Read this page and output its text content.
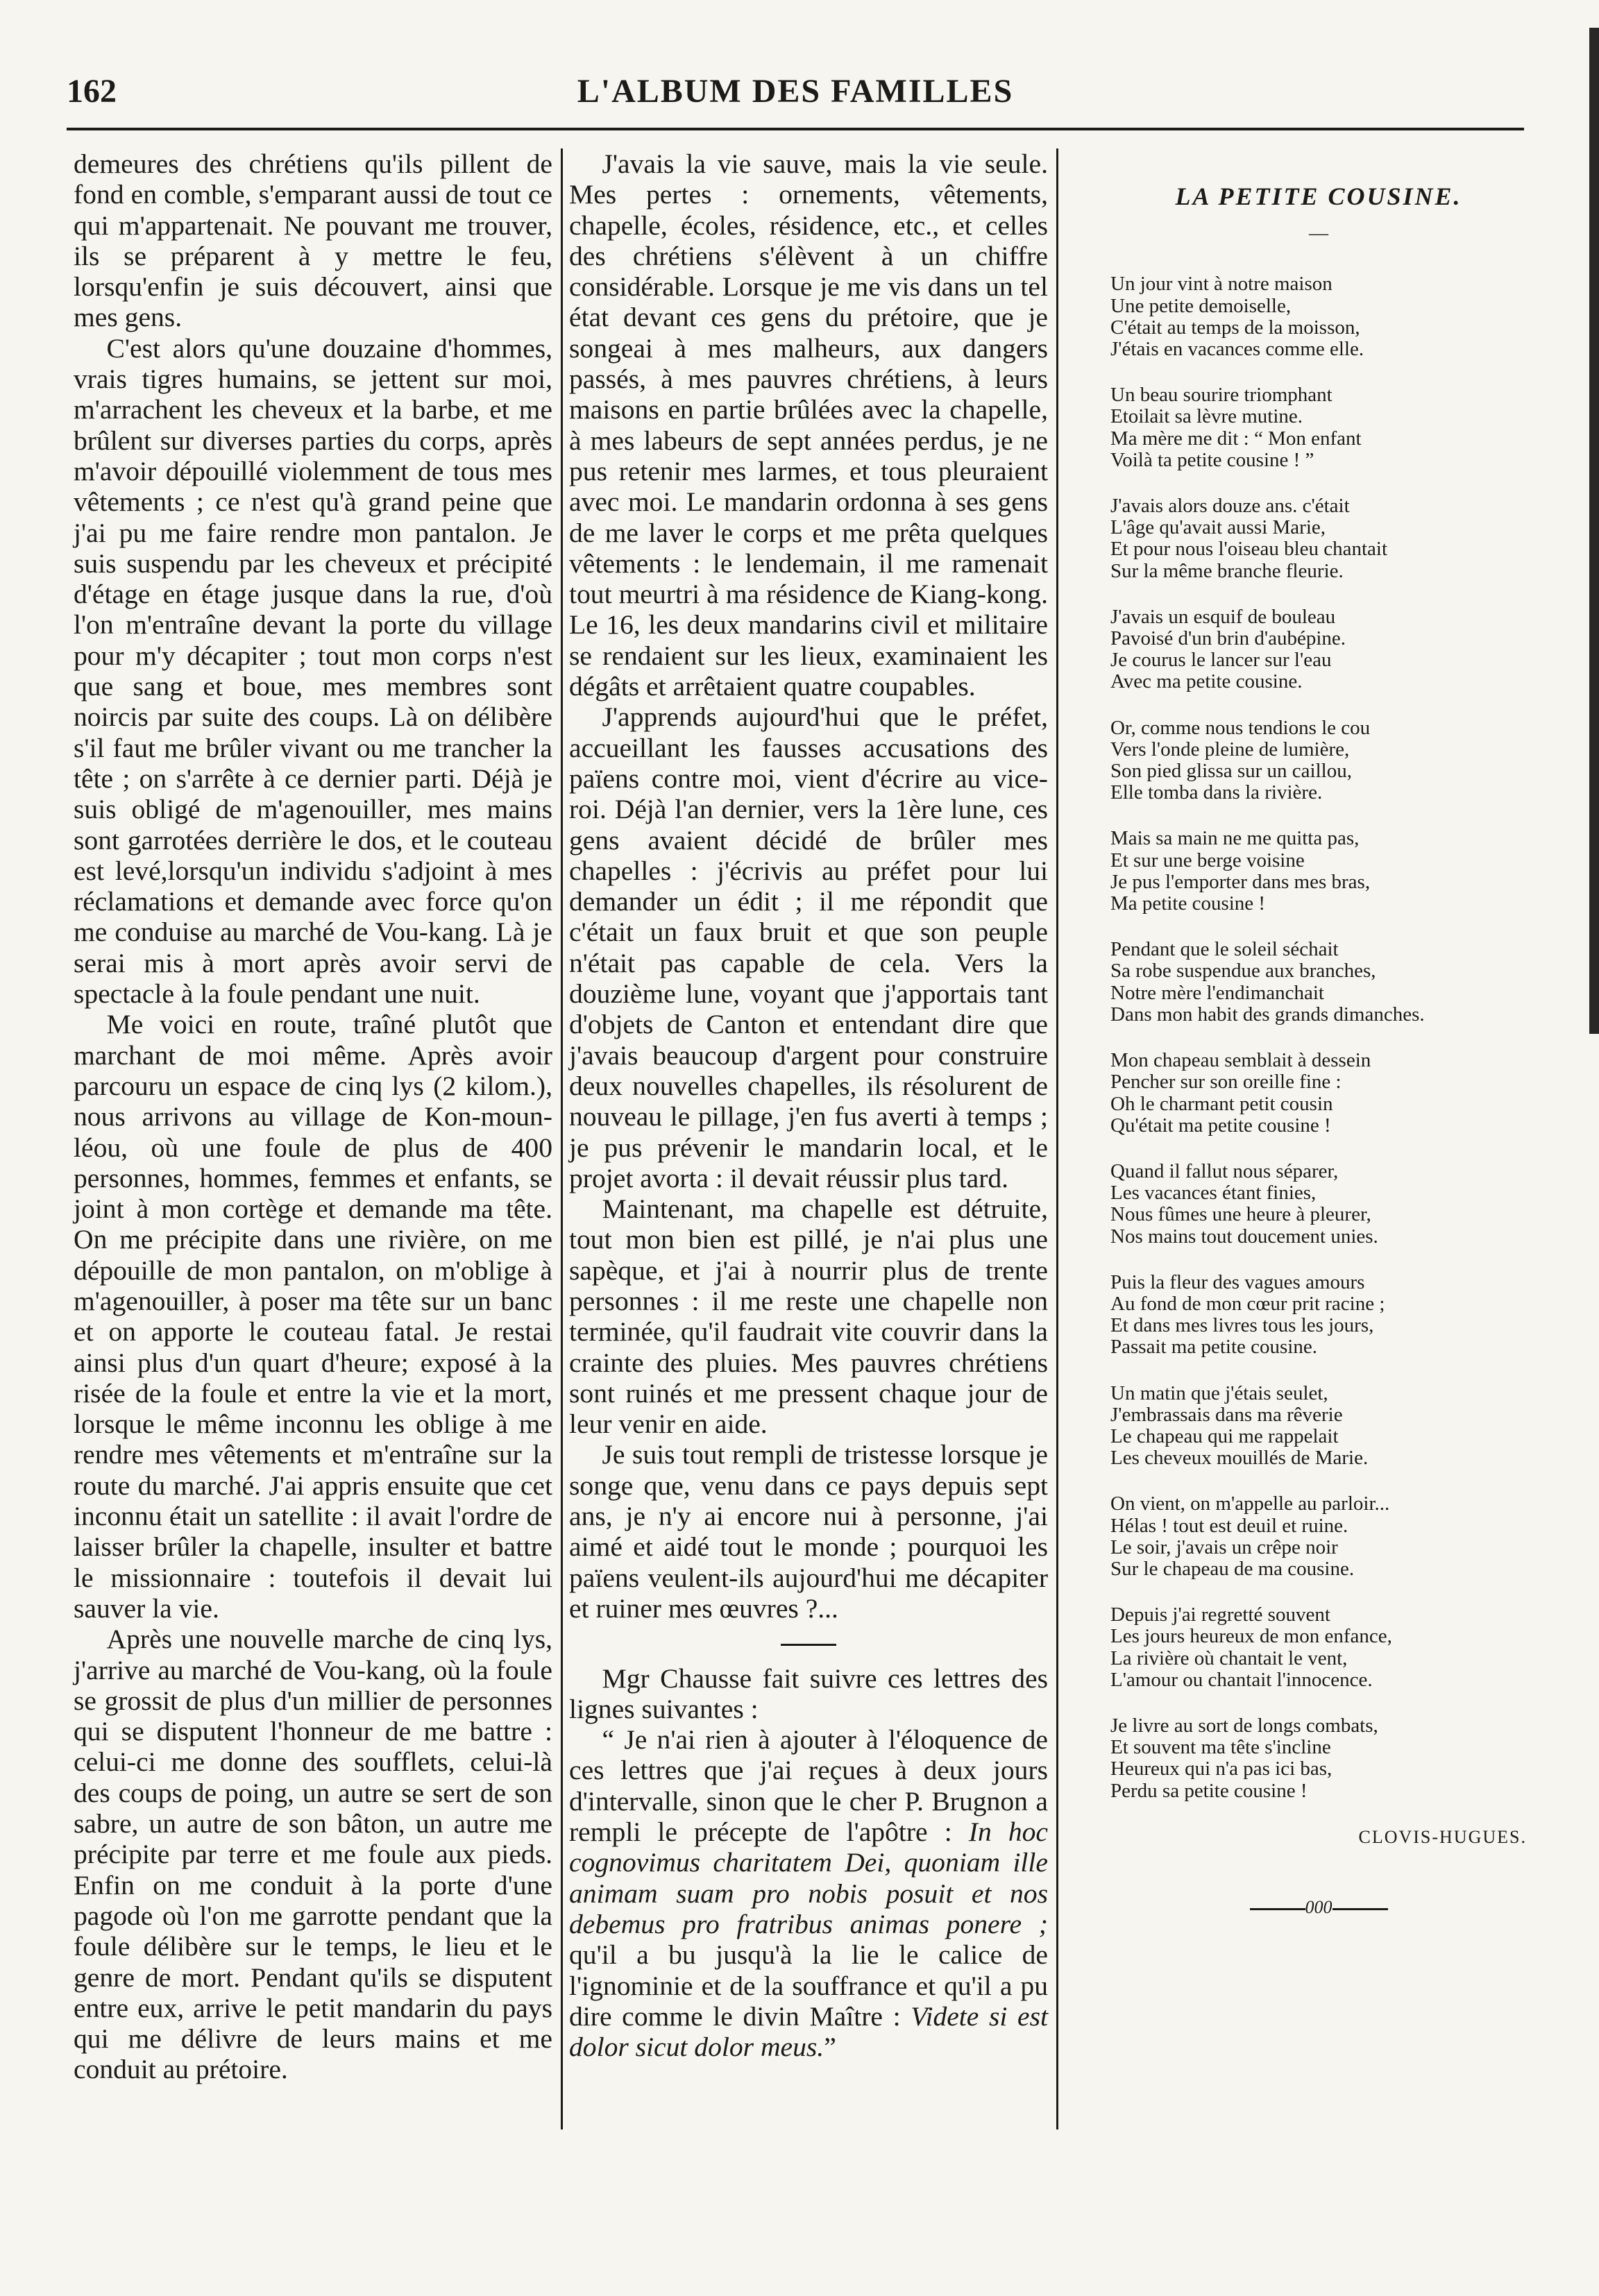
L'ALBUM DES FAMILLES
162

demeures des chrétiens qu'ils pillent de fond en comble, s'emparant aussi de tout ce qui m'appartenait. Ne pouvant me trouver, ils se préparent à y mettre le feu, lorsqu'enfin je suis découvert, ainsi que mes gens.

C'est alors qu'une douzaine d'hommes, vrais tigres humains, se jettent sur moi, m'arrachent les cheveux et la barbe, et me brûlent sur diverses parties du corps, après m'avoir dépouillé violemment de tous mes vêtements ; ce n'est qu'à grand peine que j'ai pu me faire rendre mon pantalon. Je suis suspendu par les cheveux et précipité d'étage en étage jusque dans la rue, d'où l'on m'entraîne devant la porte du village pour m'y décapiter ; tout mon corps n'est que sang et boue, mes membres sont noircis par suite des coups. Là on délibère s'il faut me brûler vivant ou me trancher la tête ; on s'arrête à ce dernier parti. Déjà je suis obligé de m'agenouiller, mes mains sont garrotées derrière le dos, et le couteau est levé,lorsqu'un individu s'adjoint à mes réclamations et demande avec force qu'on me conduise au marché de Vou-kang. Là je serai mis à mort après avoir servi de spectacle à la foule pendant une nuit.

Me voici en route, traîné plutôt que marchant de moi même. Après avoir parcouru un espace de cinq lys (2 kilom.), nous arrivons au village de Kon-moun-léou, où une foule de plus de 400 personnes, hommes, femmes et enfants, se joint à mon cortège et demande ma tête. On me précipite dans une rivière, on me dépouille de mon pantalon, on m'oblige à m'agenouiller, à poser ma tête sur un banc et on apporte le couteau fatal. Je restai ainsi plus d'un quart d'heure; exposé à la risée de la foule et entre la vie et la mort, lorsque le même inconnu les oblige à me rendre mes vêtements et m'entraîne sur la route du marché. J'ai appris ensuite que cet inconnu était un satellite : il avait l'ordre de laisser brûler la chapelle, insulter et battre le missionnaire : toutefois il devait lui sauver la vie.

Après une nouvelle marche de cinq lys, j'arrive au marché de Vou-kang, où la foule se grossit de plus d'un millier de personnes qui se disputent l'honneur de me battre : celui-ci me donne des soufflets, celui-là des coups de poing, un autre se sert de son sabre, un autre de son bâton, un autre me précipite par terre et me foule aux pieds. Enfin on me conduit à la porte d'une pagode où l'on me garrotte pendant que la foule délibère sur le temps, le lieu et le genre de mort. Pendant qu'ils se disputent entre eux, arrive le petit mandarin du pays qui me délivre de leurs mains et me conduit au prétoire.

J'avais la vie sauve, mais la vie seule. Mes pertes : ornements, vêtements, chapelle, écoles, résidence, etc., et celles des chrétiens s'élèvent à un chiffre considérable. Lorsque je me vis dans un tel état devant ces gens du prétoire, que je songeai à mes malheurs, aux dangers passés, à mes pauvres chrétiens, à leurs maisons en partie brûlées avec la chapelle, à mes labeurs de sept années perdus, je ne pus retenir mes larmes, et tous pleuraient avec moi. Le mandarin ordonna à ses gens de me laver le corps et me prêta quelques vêtements : le lendemain, il me ramenait tout meurtri à ma résidence de Kiang-kong. Le 16, les deux mandarins civil et militaire se rendaient sur les lieux, examinaient les dégâts et arrêtaient quatre coupables.

J'apprends aujourd'hui que le préfet, accueillant les fausses accusations des païens contre moi, vient d'écrire au vice-roi. Déjà l'an dernier, vers la 1ère lune, ces gens avaient décidé de brûler mes chapelles : j'écrivis au préfet pour lui demander un édit ; il me répondit que c'était un faux bruit et que son peuple n'était pas capable de cela. Vers la douzième lune, voyant que j'apportais tant d'objets de Canton et entendant dire que j'avais beaucoup d'argent pour construire deux nouvelles chapelles, ils résolurent de nouveau le pillage, j'en fus averti à temps ; je pus prévenir le mandarin local, et le projet avorta : il devait réussir plus tard.

Maintenant, ma chapelle est détruite, tout mon bien est pillé, je n'ai plus une sapèque, et j'ai à nourrir plus de trente personnes : il me reste une chapelle non terminée, qu'il faudrait vite couvrir dans la crainte des pluies. Mes pauvres chrétiens sont ruinés et me pressent chaque jour de leur venir en aide.

Je suis tout rempli de tristesse lorsque je songe que, venu dans ce pays depuis sept ans, je n'y ai encore nui à personne, j'ai aimé et aidé tout le monde ; pourquoi les païens veulent-ils aujourd'hui me décapiter et ruiner mes œuvres ?...

Mgr Chausse fait suivre ces lettres des lignes suivantes :

“ Je n'ai rien à ajouter à l'éloquence de ces lettres que j'ai reçues à deux jours d'intervalle, sinon que le cher P. Brugnon a rempli le précepte de l'apôtre : In hoc cognovimus charitatem Dei, quoniam ille animam suam pro nobis posuit et nos debemus pro fratribus animas ponere ; qu'il a bu jusqu'à la lie le calice de l'ignominie et de la souffrance et qu'il a pu dire comme le divin Maître : Videte si est dolor sicut dolor meus.”

LA PETITE COUSINE.
—
Un jour vint à notre maison
Une petite demoiselle,
C'était au temps de la moisson,
J'étais en vacances comme elle.
Un beau sourire triomphant
Etoilait sa lèvre mutine.
Ma mère me dit : “ Mon enfant
Voilà ta petite cousine ! ”
J'avais alors douze ans. c'était
L'âge qu'avait aussi Marie,
Et pour nous l'oiseau bleu chantait
Sur la même branche fleurie.
J'avais un esquif de bouleau
Pavoisé d'un brin d'aubépine.
Je courus le lancer sur l'eau
Avec ma petite cousine.
Or, comme nous tendions le cou
Vers l'onde pleine de lumière,
Son pied glissa sur un caillou,
Elle tomba dans la rivière.
Mais sa main ne me quitta pas,
Et sur une berge voisine
Je pus l'emporter dans mes bras,
Ma petite cousine !
Pendant que le soleil séchait
Sa robe suspendue aux branches,
Notre mère l'endimanchait
Dans mon habit des grands dimanches.
Mon chapeau semblait à dessein
Pencher sur son oreille fine :
Oh le charmant petit cousin
Qu'était ma petite cousine !
Quand il fallut nous séparer,
Les vacances étant finies,
Nous fûmes une heure à pleurer,
Nos mains tout doucement unies.
Puis la fleur des vagues amours
Au fond de mon cœur prit racine ;
Et dans mes livres tous les jours,
Passait ma petite cousine.
Un matin que j'étais seulet,
J'embrassais dans ma rêverie
Le chapeau qui me rappelait
Les cheveux mouillés de Marie.
On vient, on m'appelle au parloir...
Hélas ! tout est deuil et ruine.
Le soir, j'avais un crêpe noir
Sur le chapeau de ma cousine.
Depuis j'ai regretté souvent
Les jours heureux de mon enfance,
La rivière où chantait le vent,
L'amour ou chantait l'innocence.
Je livre au sort de longs combats,
Et souvent ma tête s'incline
Heureux qui n'a pas ici bas,
Perdu sa petite cousine !
CLOVIS-HUGUES.
000
